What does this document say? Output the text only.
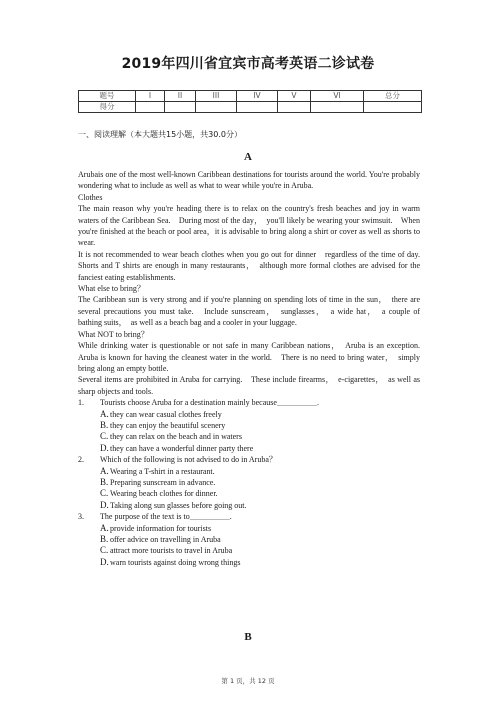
2019年四川省宜宾市高考英语二诊试卷
题号	I	II	III	IV	V	VI	总分
得分							
一、阅读理解（本大题共15小题，共30.0分）
A

Arubais one of the most well-known Caribbean destinations for tourists around the world. You're probably wondering what to include as well as what to wear while you're in Aruba.

Clothes

The main reason why you're heading there is to relax on the country's fresh beaches and joy in warm waters of the Caribbean Sea.　During most of the day，　you'll likely be wearing your swimsuit.　When you're finished at the beach or pool area，it is advisable to bring along a shirt or cover as well as shorts to wear.

It is not recommended to wear beach clothes when you go out for dinner　regardless of the time of day.　Shorts and T shirts are enough in many restaurants，　although more formal clothes are advised for the fanciest eating establishments.

What else to bring？

The Caribbean sun is very strong and if you're planning on spending lots of time in the sun，　there are several precautions you must take.　Include sunscream，　sunglasses，　a wide hat，　a couple of bathing suits，　as well as a beach bag and a cooler in your luggage.

What NOT to bring？

While drinking water is questionable or not safe in many Caribbean nations，　Aruba is an exception.　Aruba is known for having the cleanest water in the world.　There is no need to bring water，　simply bring along an empty bottle.

Several items are prohibited in Aruba for carrying.　These include firearms，　e-cigarettes，　as well as sharp objects and tools.

1.	Tourists choose Aruba for a destination mainly because＿＿＿＿＿.
A.
they can wear casual clothes freely
B.
they can enjoy the beautiful scenery
C.
they can relax on the beach and in waters
D.
they can have a wonderful dinner party there
2.	Which of the following is not advised to do in Aruba？
A.
Wearing a T-shirt in a restaurant.
B.
Preparing sunscream in advance.
C.
Wearing beach clothes for dinner.
D.
Taking along sun glasses before going out.
3.	The purpose of the text is to＿＿＿＿＿.
A.
provide information for tourists
B.
offer advice on travelling in Aruba
C.
attract more tourists to travel in Aruba
D.
warn tourists against doing wrong things
B
第 1 页，共 12 页
